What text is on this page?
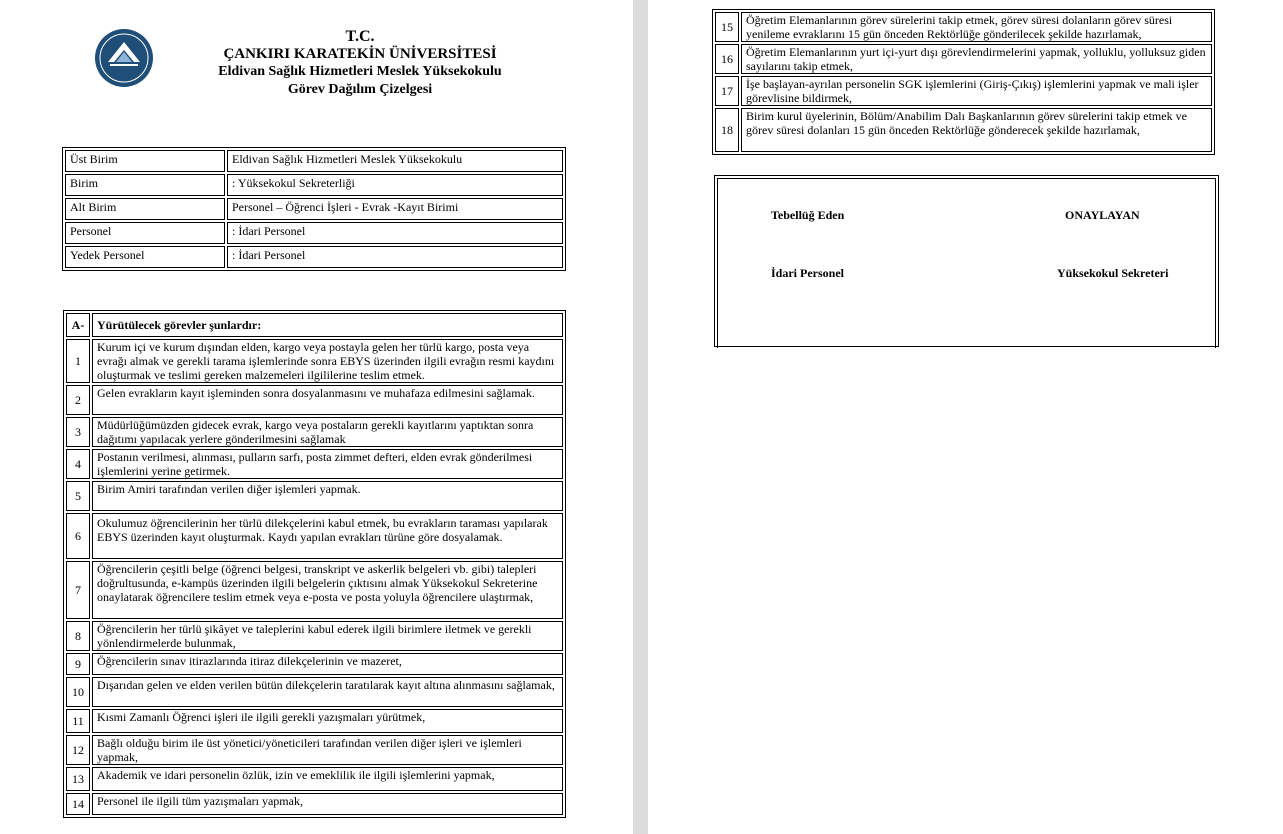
T.C.
ÇANKIRI KARATEKİN ÜNİVERSİTESİ
Eldivan Sağlık Hizmetleri Meslek Yüksekokulu
Görev Dağılım Çizelgesi
Üst Birim	Eldivan Sağlık Hizmetleri Meslek Yüksekokulu
Birim	: Yüksekokul Sekreterliği
Alt Birim	Personel – Öğrenci İşleri - Evrak -Kayıt Birimi
Personel	: İdari Personel
Yedek Personel	: İdari Personel
A-	Yürütülecek görevler şunlardır:
1	Kurum içi ve kurum dışından elden, kargo veya postayla gelen her türlü kargo, posta veya evrağı almak ve gerekli tarama işlemlerinde sonra EBYS üzerinden ilgili evrağın resmi kaydını oluşturmak ve teslimi gereken malzemeleri ilgililerine teslim etmek.

2	Gelen evrakların kayıt işleminden sonra dosyalanmasını ve muhafaza edilmesini sağlamak.

3	Müdürlüğümüzden gidecek evrak, kargo veya postaların gerekli kayıtlarını yaptıktan sonra dağıtımı yapılacak yerlere gönderilmesini sağlamak

4	Postanın verilmesi, alınması, pulların sarfı, posta zimmet defteri, elden evrak gönderilmesi işlemlerini yerine getirmek.

5	Birim Amiri tarafından verilen diğer işlemleri yapmak.

6	Okulumuz öğrencilerinin her türlü dilekçelerini kabul etmek, bu evrakların taraması yapılarak EBYS üzerinden kayıt oluşturmak. Kaydı yapılan evrakları türüne göre dosyalamak.

7	Öğrencilerin çeşitli belge (öğrenci belgesi, transkript ve askerlik belgeleri vb. gibi) talepleri doğrultusunda, e-kampüs üzerinden ilgili belgelerin çıktısını almak Yüksekokul Sekreterine onaylatarak öğrencilere teslim etmek veya e-posta ve posta yoluyla öğrencilere ulaştırmak,

8	Öğrencilerin her türlü şikâyet ve taleplerini kabul ederek ilgili birimlere iletmek ve gerekli yönlendirmelerde bulunmak,

9	Öğrencilerin sınav itirazlarında itiraz dilekçelerinin ve mazeret,

10	Dışarıdan gelen ve elden verilen bütün dilekçelerin taratılarak kayıt altına alınmasını sağlamak,

11	Kısmi Zamanlı Öğrenci işleri ile ilgili gerekli yazışmaları yürütmek,

12	Bağlı olduğu birim ile üst yönetici/yöneticileri tarafından verilen diğer işleri ve işlemleri yapmak,

13	Akademik ve idari personelin özlük, izin ve emeklilik ile ilgili işlemlerini yapmak,

14	Personel ile ilgili tüm yazışmaları yapmak,
15	Öğretim Elemanlarının görev sürelerini takip etmek, görev süresi dolanların görev süresi yenileme evraklarını 15 gün önceden Rektörlüğe gönderilecek şekilde hazırlamak,

16	Öğretim Elemanlarının yurt içi-yurt dışı görevlendirmelerini yapmak, yolluklu, yolluksuz giden sayılarını takip etmek,

17	İşe başlayan-ayrılan personelin SGK işlemlerini (Giriş-Çıkış) işlemlerini yapmak ve mali işler görevlisine bildirmek,

18	Birim kurul üyelerinin, Bölüm/Anabilim Dalı Başkanlarının görev sürelerini takip etmek ve görev süresi dolanları 15 gün önceden Rektörlüğe gönderecek şekilde hazırlamak,
Tebellüğ Eden	ONAYLAYAN
İdari Personel	Yüksekokul Sekreteri
